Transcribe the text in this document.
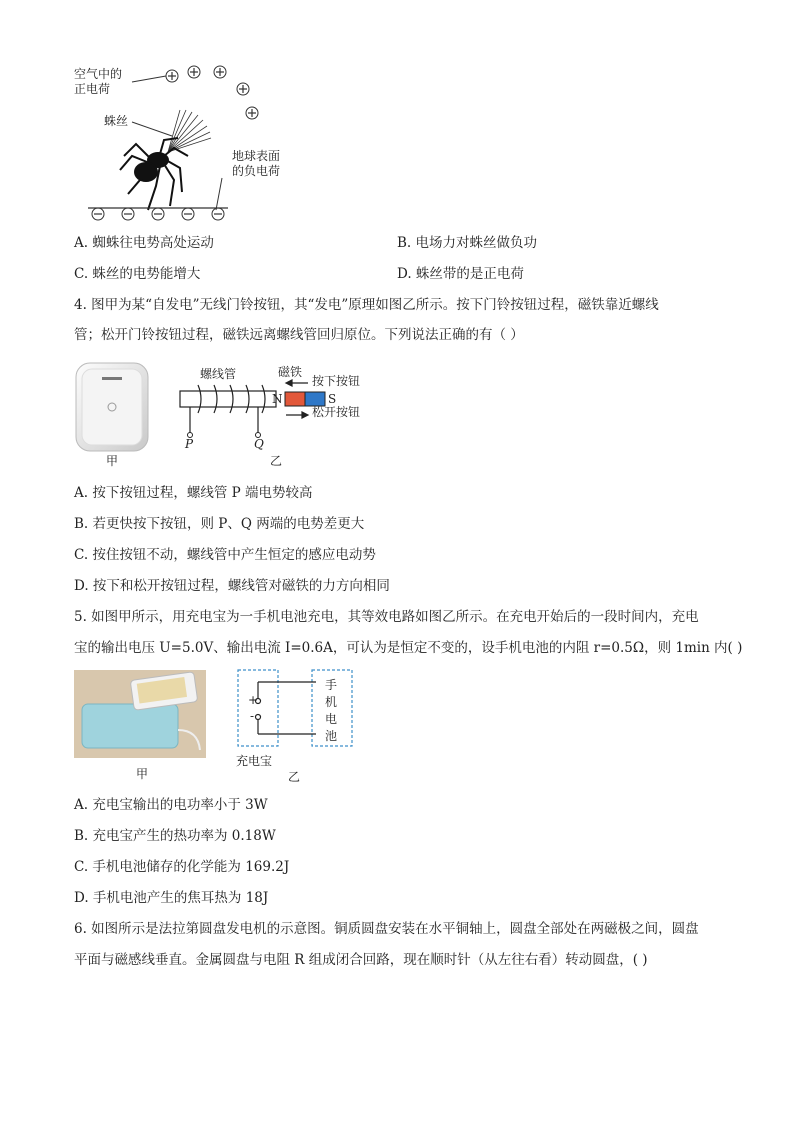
空气中的
正电荷
蛛丝
地球表面
的负电荷
A. 蜘蛛往电势高处运动	B. 电场力对蛛丝做负功
C. 蛛丝的电势能增大	D. 蛛丝带的是正电荷
4. 图甲为某“自发电”无线门铃按钮，其“发电”原理如图乙所示。按下门铃按钮过程，磁铁靠近螺线
管；松开门铃按钮过程，磁铁远离螺线管回归原位。下列说法正确的有（ ）
甲
螺线管	磁铁
按下按钮
松开按钮
N	S
P	Q
乙
A. 按下按钮过程，螺线管 P 端电势较高
B. 若更快按下按钮，则 P、Q 两端的电势差更大
C. 按住按钮不动，螺线管中产生恒定的感应电动势
D. 按下和松开按钮过程，螺线管对磁铁的力方向相同
5. 如图甲所示，用充电宝为一手机电池充电，其等效电路如图乙所示。在充电开始后的一段时间内，充电
宝的输出电压 U=5.0V、输出电流 I=0.6A，可认为是恒定不变的，设手机电池的内阻 r=0.5Ω，则 1min 内( )
甲
+
-
手
机
电
池
充电宝
乙
A. 充电宝输出的电功率小于 3W
B. 充电宝产生的热功率为 0.18W
C. 手机电池储存的化学能为 169.2J
D. 手机电池产生的焦耳热为 18J
6. 如图所示是法拉第圆盘发电机的示意图。铜质圆盘安装在水平铜轴上，圆盘全部处在两磁极之间，圆盘
平面与磁感线垂直。金属圆盘与电阻 R 组成闭合回路，现在顺时针（从左往右看）转动圆盘，( )
